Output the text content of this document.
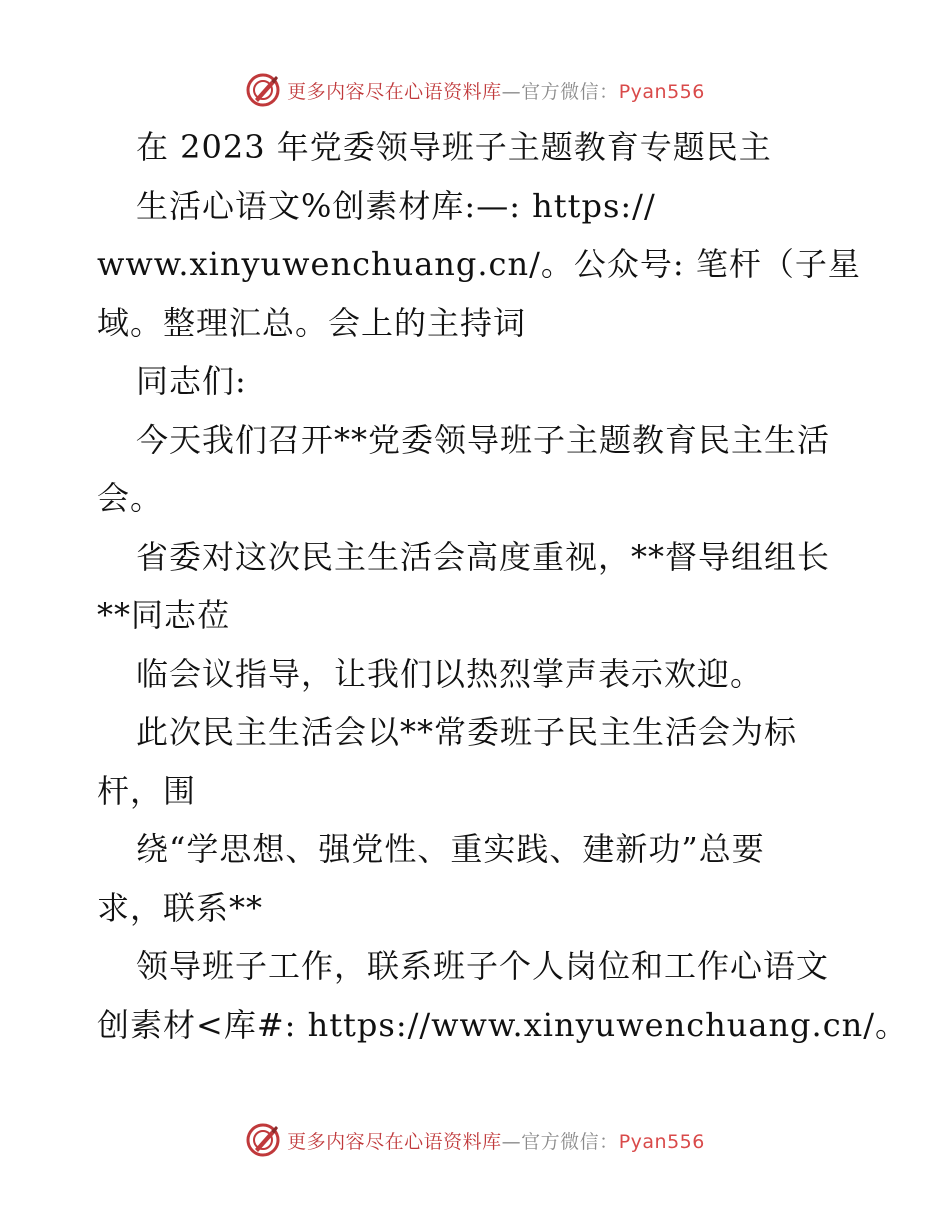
更多内容尽在心语资料库—官方微信：Pyan556
在 2023 年党委领导班子主题教育专题民主
生活心语文%创素材库:—: https://
www.xinyuwenchuang.cn/。公众号: 笔杆（子星
域。整理汇总。会上的主持词
同志们:
今天我们召开**党委领导班子主题教育民主生活
会。
省委对这次民主生活会高度重视，**督导组组长
**同志莅
临会议指导，让我们以热烈掌声表示欢迎。
此次民主生活会以**常委班子民主生活会为标
杆，围
绕“学思想、强党性、重实践、建新功”总要
求，联系**
领导班子工作，联系班子个人岗位和工作心语文
创素材<库#: https://www.xinyuwenchuang.cn/。
更多内容尽在心语资料库—官方微信：Pyan556
